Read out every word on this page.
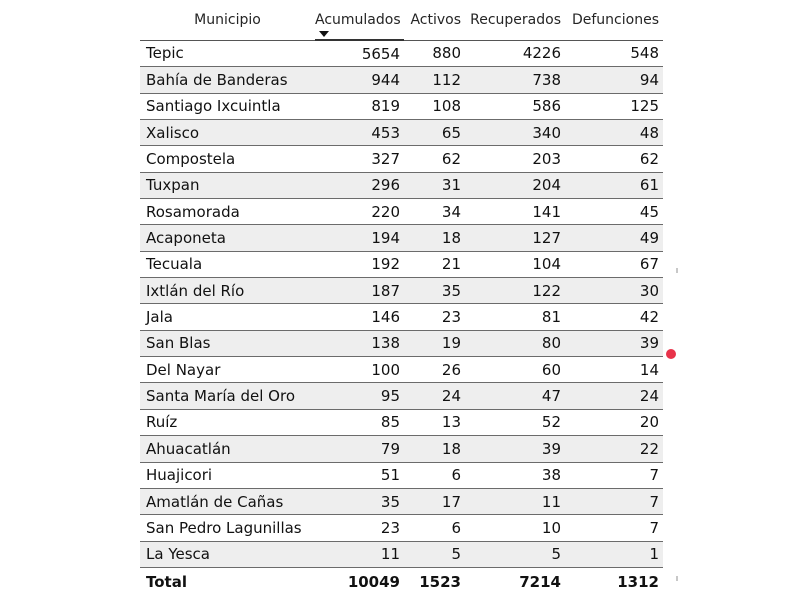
Municipio	Acumulados	Activos	Recuperados	Defunciones
Tepic	5654	880	4226	548
Bahía de Banderas	944	112	738	94
Santiago Ixcuintla	819	108	586	125
Xalisco	453	65	340	48
Compostela	327	62	203	62
Tuxpan	296	31	204	61
Rosamorada	220	34	141	45
Acaponeta	194	18	127	49
Tecuala	192	21	104	67
Ixtlán del Río	187	35	122	30
Jala	146	23	81	42
San Blas	138	19	80	39
Del Nayar	100	26	60	14
Santa María del Oro	95	24	47	24
Ruíz	85	13	52	20
Ahuacatlán	79	18	39	22
Huajicori	51	6	38	7
Amatlán de Cañas	35	17	11	7
San Pedro Lagunillas	23	6	10	7
La Yesca	11	5	5	1
Total	10049	1523	7214	1312
